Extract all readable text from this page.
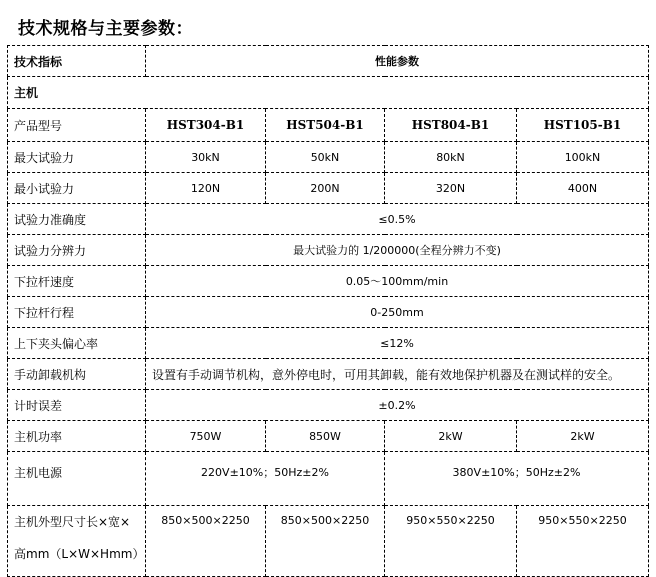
技术规格与主要参数：
技术指标	性能参数			
主机				
产品型号	HST304-B1	HST504-B1	HST804-B1	HST105-B1
最大试验力	30kN	50kN	80kN	100kN
最小试验力	120N	200N	320N	400N
试验力准确度	≤0.5%			
试验力分辨力	最大试验力的 1/200000(全程分辨力不变)			
下拉杆速度	0.05～100mm/min			
下拉杆行程	0-250mm			
上下夹头偏心率	≤12%			
手动卸载机构	设置有手动调节机构，意外停电时，可用其卸载，能有效地保护机器及在测试样的安全。			
计时误差	±0.2%			
主机功率	750W	850W	2kW	2kW
主机电源	220V±10%；50Hz±2%		380V±10%；50Hz±2%	
主机外型尺寸长×宽×
高mm（L×W×Hmm）	850×500×2250	850×500×2250	950×550×2250	950×550×2250
